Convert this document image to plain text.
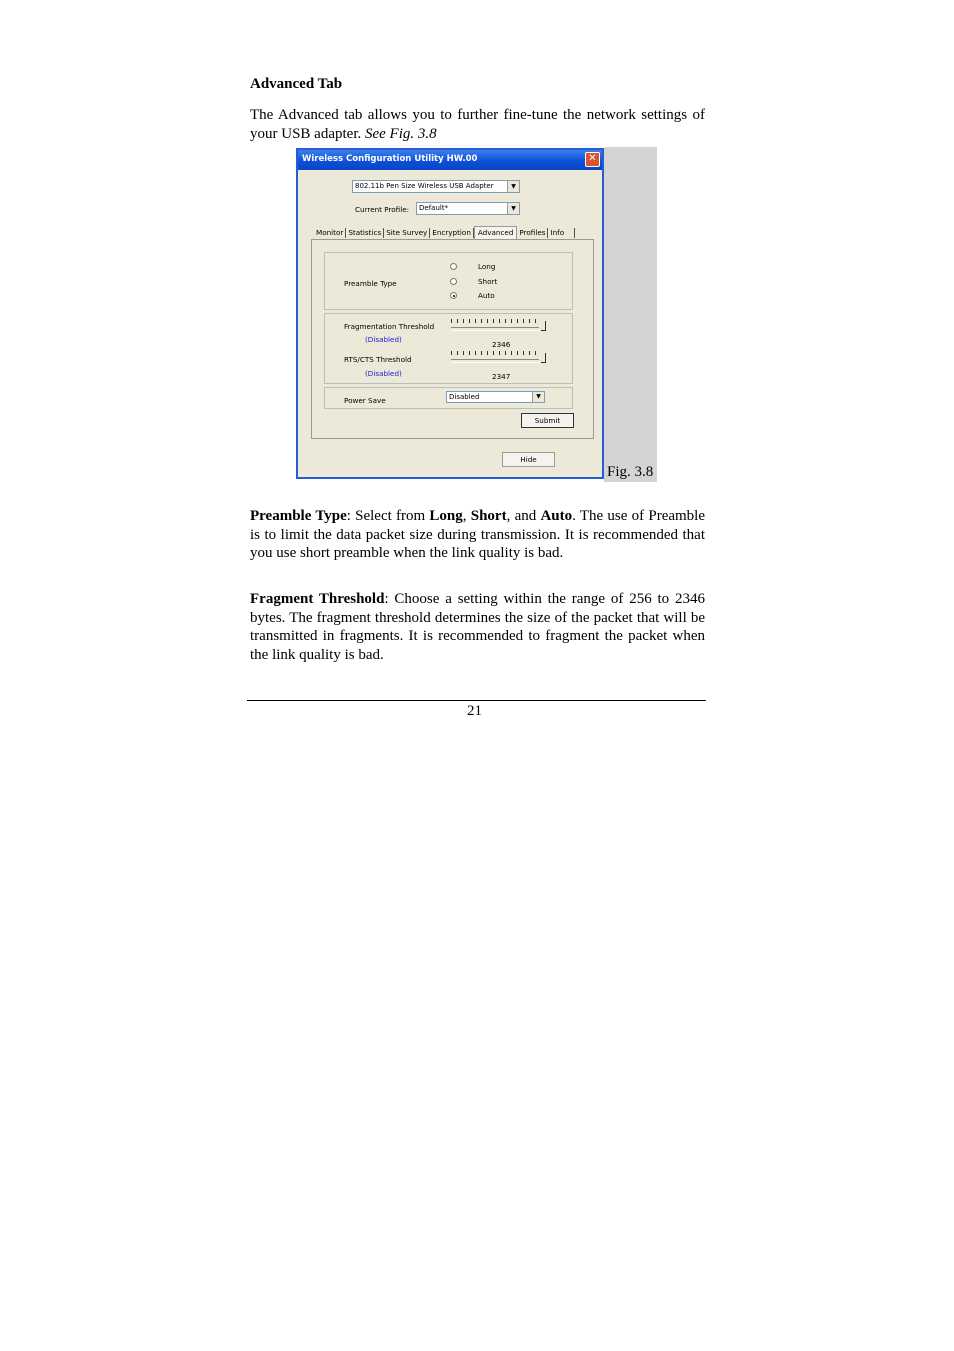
Advanced Tab
The Advanced tab allows you to further fine-tune the network settings of your USB adapter. See Fig. 3.8
Fig. 3.8
Wireless Configuration Utility HW.00	✕
802.11b Pen Size Wireless USB Adapter	▼
Current Profile:	Default*	▼
Monitor Statistics Site Survey Encryption Advanced Profiles Info
Preamble Type
Long
Short
Auto
Fragmentation Threshold
(Disabled)
2346
RTS/CTS Threshold
(Disabled)	2347
Power Save	Disabled	▼
Submit
Hide
Preamble Type: Select from Long, Short, and Auto. The use of Preamble is to limit the data packet size during transmission. It is recommended that you use short preamble when the link quality is bad.
Fragment Threshold: Choose a setting within the range of 256 to 2346 bytes. The fragment threshold determines the size of the packet that will be transmitted in fragments. It is recommended to fragment the packet when the link quality is bad.
21
